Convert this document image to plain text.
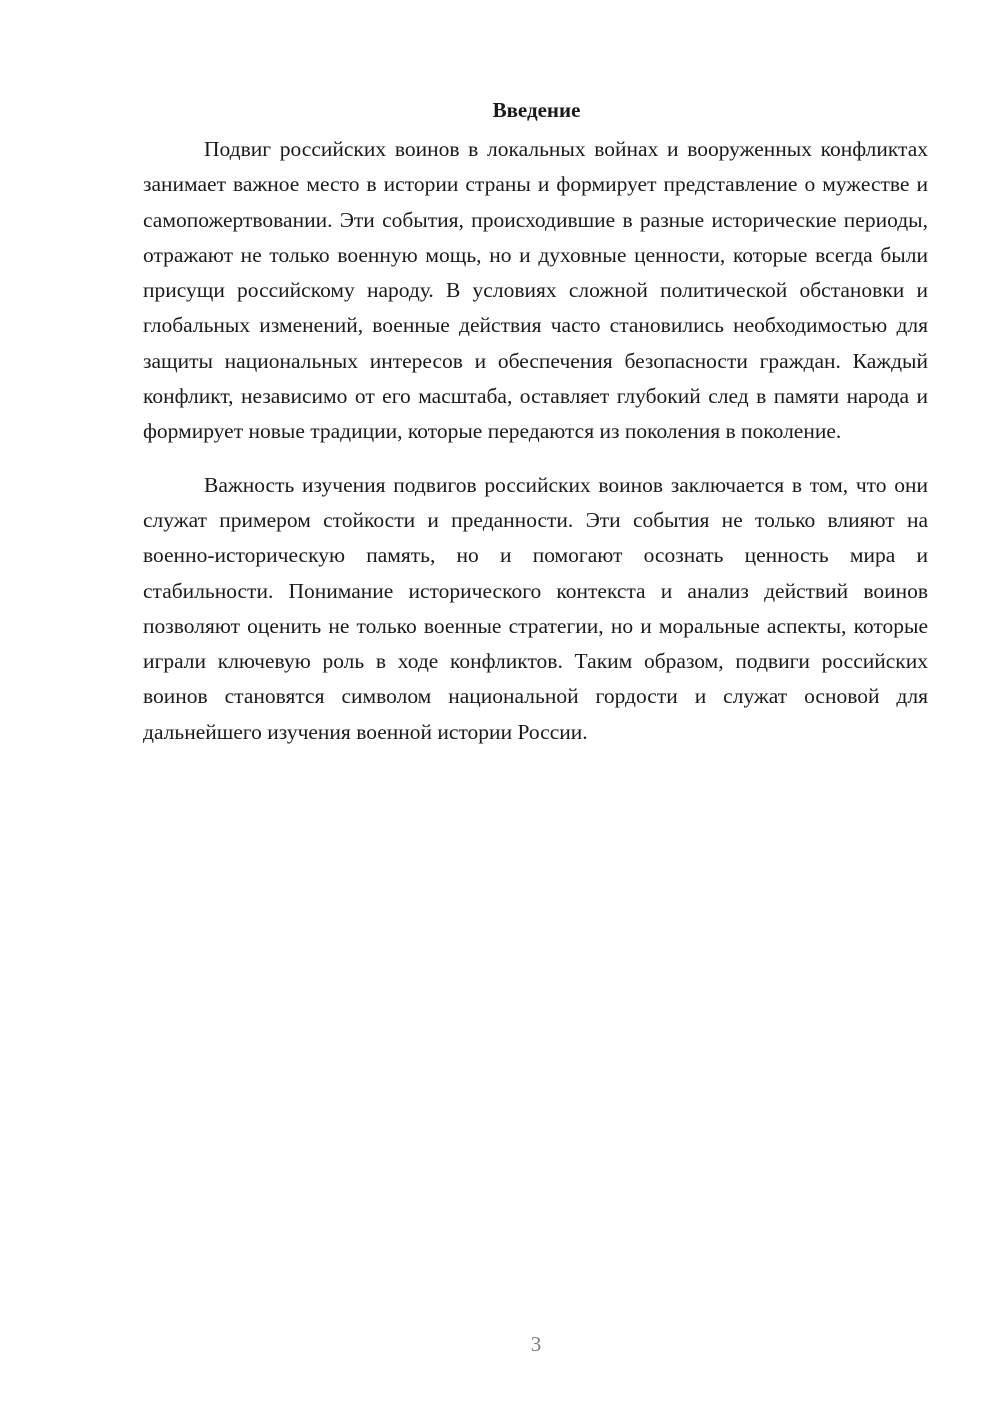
Введение

Подвиг российских воинов в локальных войнах и вооруженных конфликтах занимает важное место в истории страны и формирует представление о мужестве и самопожертвовании. Эти события, происходившие в разные исторические периоды, отражают не только военную мощь, но и духовные ценности, которые всегда были присущи российскому народу. В условиях сложной политической обстановки и глобальных изменений, военные действия часто становились необходимостью для защиты национальных интересов и обеспечения безопасности граждан. Каждый конфликт, независимо от его масштаба, оставляет глубокий след в памяти народа и формирует новые традиции, которые передаются из поколения в поколение.

Важность изучения подвигов российских воинов заключается в том, что они служат примером стойкости и преданности. Эти события не только влияют на военно-историческую память, но и помогают осознать ценность мира и стабильности. Понимание исторического контекста и анализ действий воинов позволяют оценить не только военные стратегии, но и моральные аспекты, которые играли ключевую роль в ходе конфликтов. Таким образом, подвиги российских воинов становятся символом национальной гордости и служат основой для дальнейшего изучения военной истории России.

3
